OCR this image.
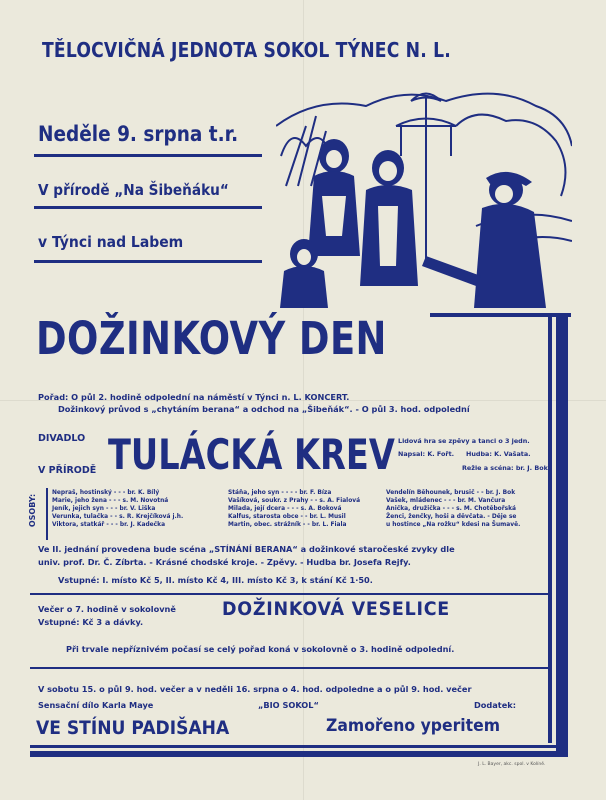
TĚLOCVIČNÁ JEDNOTA SOKOL TÝNEC N. L.
Neděle 9. srpna t.r.
V přírodě „Na Šibeňáku“
v Týnci nad Labem
DOŽINKOVÝ DEN
Pořad: O půl 2. hodině odpolední na náměstí v Týnci n. L. KONCERT.
Dožinkový průvod s „chytáním berana“ a odchod na „Šibeňák“. - O půl 3. hod. odpolední
DIVADLO
V PŘÍRODĚ TULÁCKÁ KREV Lidová hra se zpěvy a tanci o 3 jedn.
Napsal: K. Fořt. Hudba: K. Vašata.
Režie a scéna: br. J. Bok.
OSOBY:
Nepraš, hostinský - - - br. K. Bílý
Marie, jeho žena - - - s. M. Novotná
Jeník, jejich syn - - - br. V. Liška
Verunka, tulačka - - s. R. Krejčíková j.h.
Viktora, statkář - - - br. J. Kadečka
Stáňa, jeho syn - - - - br. F. Bíza
Vašíková, soukr. z Prahy - - s. A. Fialová
Milada, její dcera - - - s. A. Boková
Kalfus, starosta obce - - br. L. Musil
Martin, obec. strážník - - br. L. Fiala
Vendelín Běhounek, brusič - - br. J. Bok
Vašek, mládenec - - - br. M. Vančura
Anička, družička - - - s. M. Chotěbořská
Ženci, ženčky, hoši a děvčata. - Děje se
u hostince „Na rožku“ kdesi na Šumavě.
Ve II. jednání provedena bude scéna „STÍNÁNÍ BERANA“ a dožinkové staročeské zvyky dle
univ. prof. Dr. Č. Zíbrta. - Krásné chodské kroje. - Zpěvy. - Hudba br. Josefa Rejfy.
Vstupné: I. místo Kč 5, II. místo Kč 4, III. místo Kč 3, k stání Kč 1·50.
Večer o 7. hodině v sokolovně
Vstupné: Kč 3 a dávky.
DOŽINKOVÁ VESELICE
Při trvale nepříznivém počasí se celý pořad koná v sokolovně o 3. hodině odpolední.
V sobotu 15. o půl 9. hod. večer a v neděli 16. srpna o 4. hod. odpoledne a o půl 9. hod. večer
Sensační dílo Karla Maye	„BIO SOKOL“	Dodatek:
VE STÍNU PADIŠAHA	Zamořeno yperitem
J. L. Bayer, akc. spol. v Kolíně.
